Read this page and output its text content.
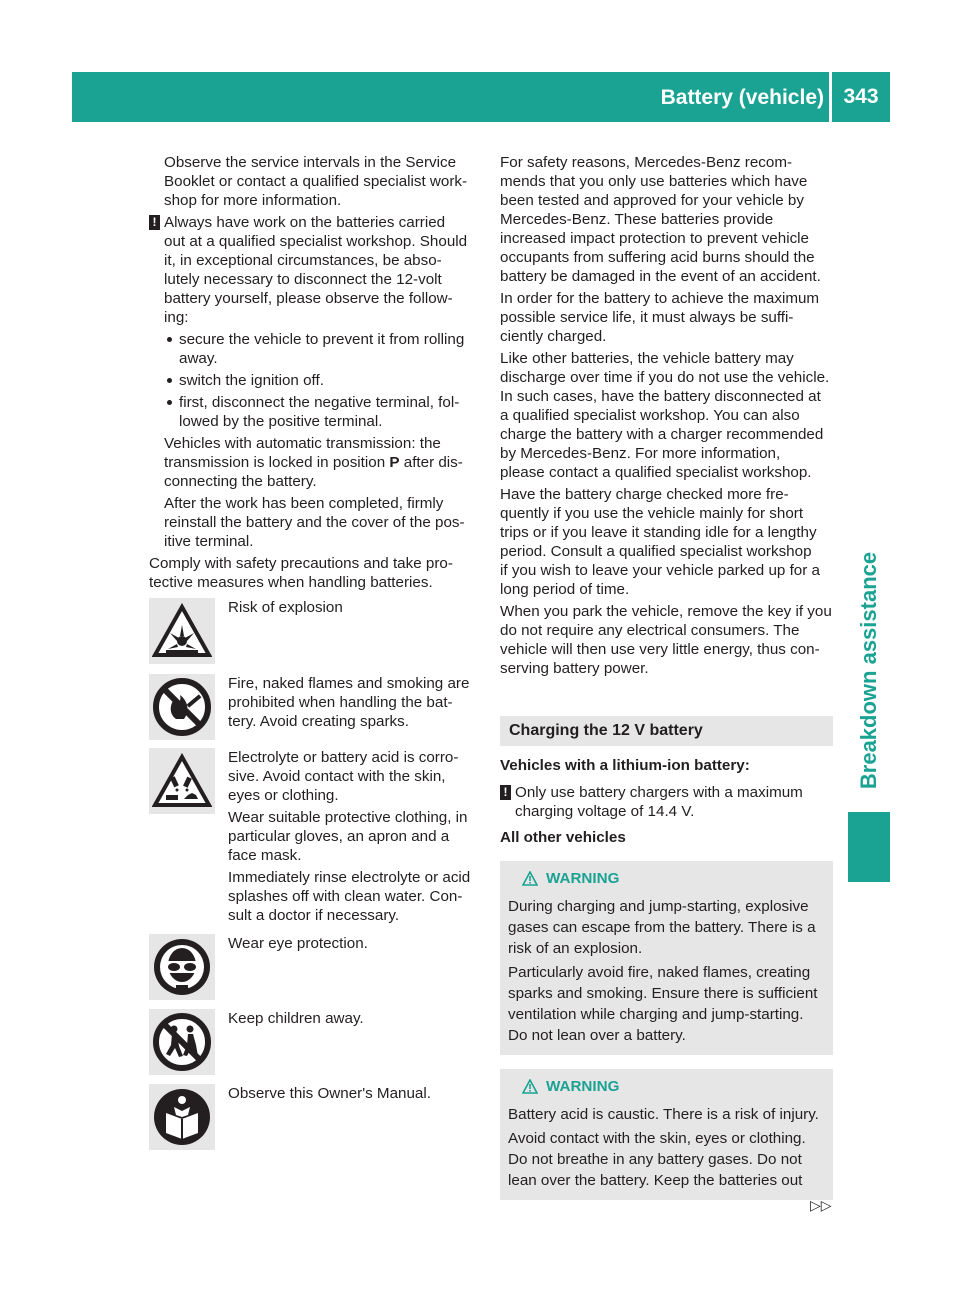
Battery (vehicle) 343
Breakdown assistance

Observe the service intervals in the Service
Booklet or contact a qualified specialist work-
shop for more information.

! Always have work on the batteries carried
out at a qualified specialist workshop. Should
it, in exceptional circumstances, be abso-
lutely necessary to disconnect the 12-volt
battery yourself, please observe the follow-
ing:

secure the vehicle to prevent it from rolling
away.
switch the ignition off.
first, disconnect the negative terminal, fol-
lowed by the positive terminal.

Vehicles with automatic transmission: the
transmission is locked in position P after dis-
connecting the battery.

After the work has been completed, firmly
reinstall the battery and the cover of the pos-
itive terminal.

Comply with safety precautions and take pro-
tective measures when handling batteries.

Risk of explosion

Fire, naked flames and smoking are
prohibited when handling the bat-
tery. Avoid creating sparks.

Electrolyte or battery acid is corro-
sive. Avoid contact with the skin,
eyes or clothing.

Wear suitable protective clothing, in
particular gloves, an apron and a
face mask.

Immediately rinse electrolyte or acid
splashes off with clean water. Con-
sult a doctor if necessary.

Wear eye protection.

Keep children away.

Observe this Owner's Manual.

For safety reasons, Mercedes-Benz recom-
mends that you only use batteries which have
been tested and approved for your vehicle by
Mercedes-Benz. These batteries provide
increased impact protection to prevent vehicle
occupants from suffering acid burns should the
battery be damaged in the event of an accident.

In order for the battery to achieve the maximum
possible service life, it must always be suffi-
ciently charged.

Like other batteries, the vehicle battery may
discharge over time if you do not use the vehicle.
In such cases, have the battery disconnected at
a qualified specialist workshop. You can also
charge the battery with a charger recommended
by Mercedes-Benz. For more information,
please contact a qualified specialist workshop.

Have the battery charge checked more fre-
quently if you use the vehicle mainly for short
trips or if you leave it standing idle for a lengthy
period. Consult a qualified specialist workshop
if you wish to leave your vehicle parked up for a
long period of time.

When you park the vehicle, remove the key if you
do not require any electrical consumers. The
vehicle will then use very little energy, thus con-
serving battery power.

Charging the 12 V battery

Vehicles with a lithium-ion battery:

! Only use battery chargers with a maximum
charging voltage of 14.4 V.

All other vehicles

WARNING

During charging and jump-starting, explosive
gases can escape from the battery. There is a
risk of an explosion.

Particularly avoid fire, naked flames, creating
sparks and smoking. Ensure there is sufficient
ventilation while charging and jump-starting.
Do not lean over a battery.

WARNING

Battery acid is caustic. There is a risk of injury.

Avoid contact with the skin, eyes or clothing.
Do not breathe in any battery gases. Do not
lean over the battery. Keep the batteries out

▷▷
